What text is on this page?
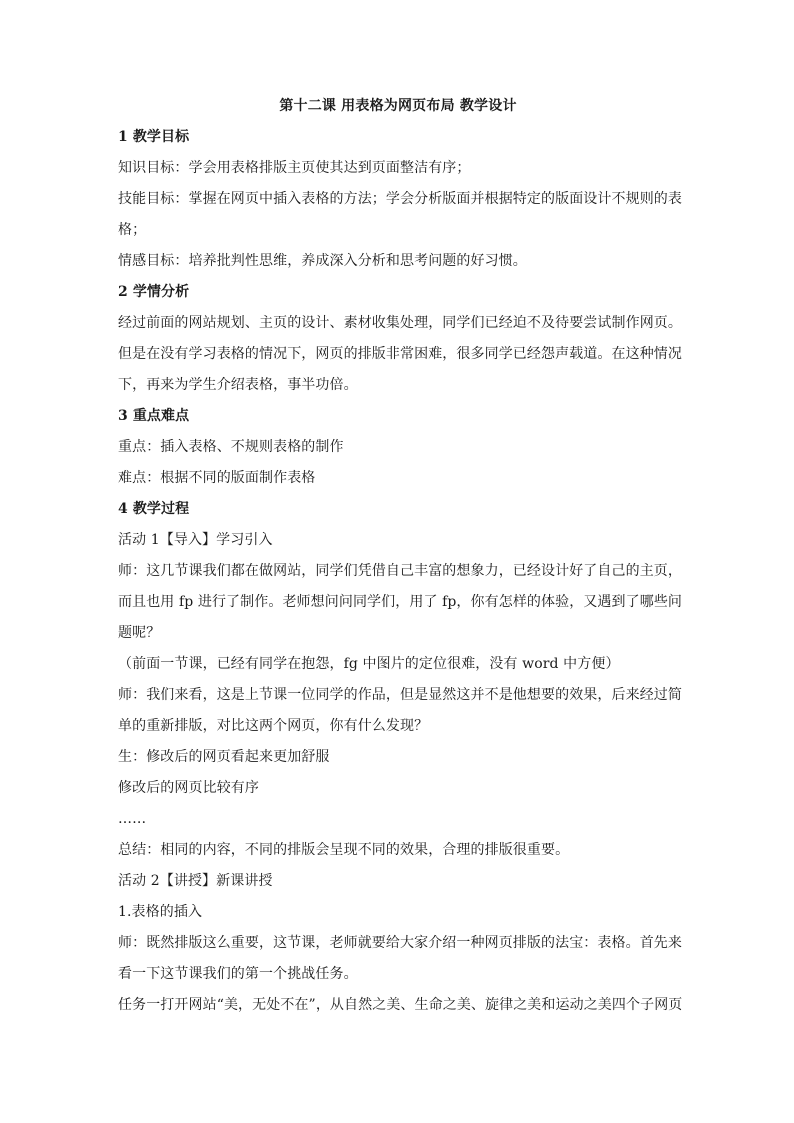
第十二课 用表格为网页布局 教学设计
1 教学目标
知识目标：学会用表格排版主页使其达到页面整洁有序；
技能目标：掌握在网页中插入表格的方法；学会分析版面并根据特定的版面设计不规则的表
格；
情感目标：培养批判性思维，养成深入分析和思考问题的好习惯。
2 学情分析
经过前面的网站规划、主页的设计、素材收集处理，同学们已经迫不及待要尝试制作网页。
但是在没有学习表格的情况下，网页的排版非常困难，很多同学已经怨声载道。在这种情况
下，再来为学生介绍表格，事半功倍。
3 重点难点
重点：插入表格、不规则表格的制作
难点：根据不同的版面制作表格
4 教学过程
活动 1【导入】学习引入
师：这几节课我们都在做网站，同学们凭借自己丰富的想象力，已经设计好了自己的主页，
而且也用 fp 进行了制作。老师想问问同学们，用了 fp，你有怎样的体验，又遇到了哪些问
题呢？
（前面一节课，已经有同学在抱怨，fg 中图片的定位很难，没有 word 中方便）
师：我们来看，这是上节课一位同学的作品，但是显然这并不是他想要的效果，后来经过简
单的重新排版，对比这两个网页，你有什么发现？
生：修改后的网页看起来更加舒服
修改后的网页比较有序
……
总结：相同的内容，不同的排版会呈现不同的效果，合理的排版很重要。
活动 2【讲授】新课讲授
1.表格的插入
师：既然排版这么重要，这节课，老师就要给大家介绍一种网页排版的法宝：表格。首先来
看一下这节课我们的第一个挑战任务。
任务一打开网站“美，无处不在”，从自然之美、生命之美、旋律之美和运动之美四个子网页
